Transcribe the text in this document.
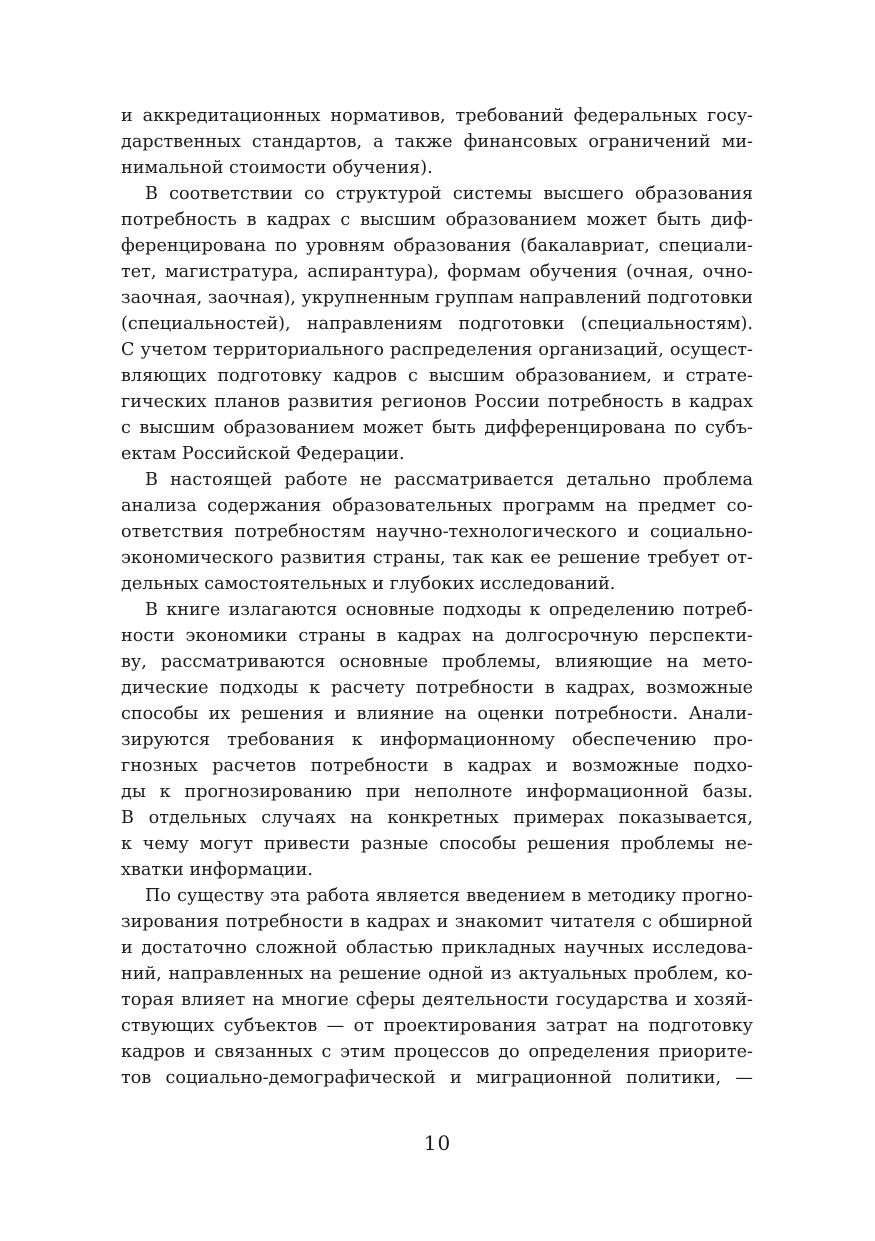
и аккредитационных нормативов, требований федеральных госу-
дарственных стандартов, а также финансовых ограничений ми-
нимальной стоимости обучения).
В соответствии со структурой системы высшего образования
потребность в кадрах с высшим образованием может быть диф-
ференцирована по уровням образования (бакалавриат, специали-
тет, магистратура, аспирантура), формам обучения (очная, очно-
заочная, заочная), укрупненным группам направлений подготовки
(специальностей), направлениям подготовки (специальностям).
С учетом территориального распределения организаций, осущест-
вляющих подготовку кадров с высшим образованием, и страте-
гических планов развития регионов России потребность в кадрах
с высшим образованием может быть дифференцирована по субъ-
ектам Российской Федерации.
В настоящей работе не рассматривается детально проблема
анализа содержания образовательных программ на предмет со-
ответствия потребностям научно-технологического и социально-
экономического развития страны, так как ее решение требует от-
дельных самостоятельных и глубоких исследований.
В книге излагаются основные подходы к определению потреб-
ности экономики страны в кадрах на долгосрочную перспекти-
ву, рассматриваются основные проблемы, влияющие на мето-
дические подходы к расчету потребности в кадрах, возможные
способы их решения и влияние на оценки потребности. Анали-
зируются требования к информационному обеспечению про-
гнозных расчетов потребности в кадрах и возможные подхо-
ды к прогнозированию при неполноте информационной базы.
В отдельных случаях на конкретных примерах показывается,
к чему могут привести разные способы решения проблемы не-
хватки информации.
По существу эта работа является введением в методику прогно-
зирования потребности в кадрах и знакомит читателя с обширной
и достаточно сложной областью прикладных научных исследова-
ний, направленных на решение одной из актуальных проблем, ко-
торая влияет на многие сферы деятельности государства и хозяй-
ствующих субъектов — от проектирования затрат на подготовку
кадров и связанных с этим процессов до определения приорите-
тов социально-демографической и миграционной политики, —
10
